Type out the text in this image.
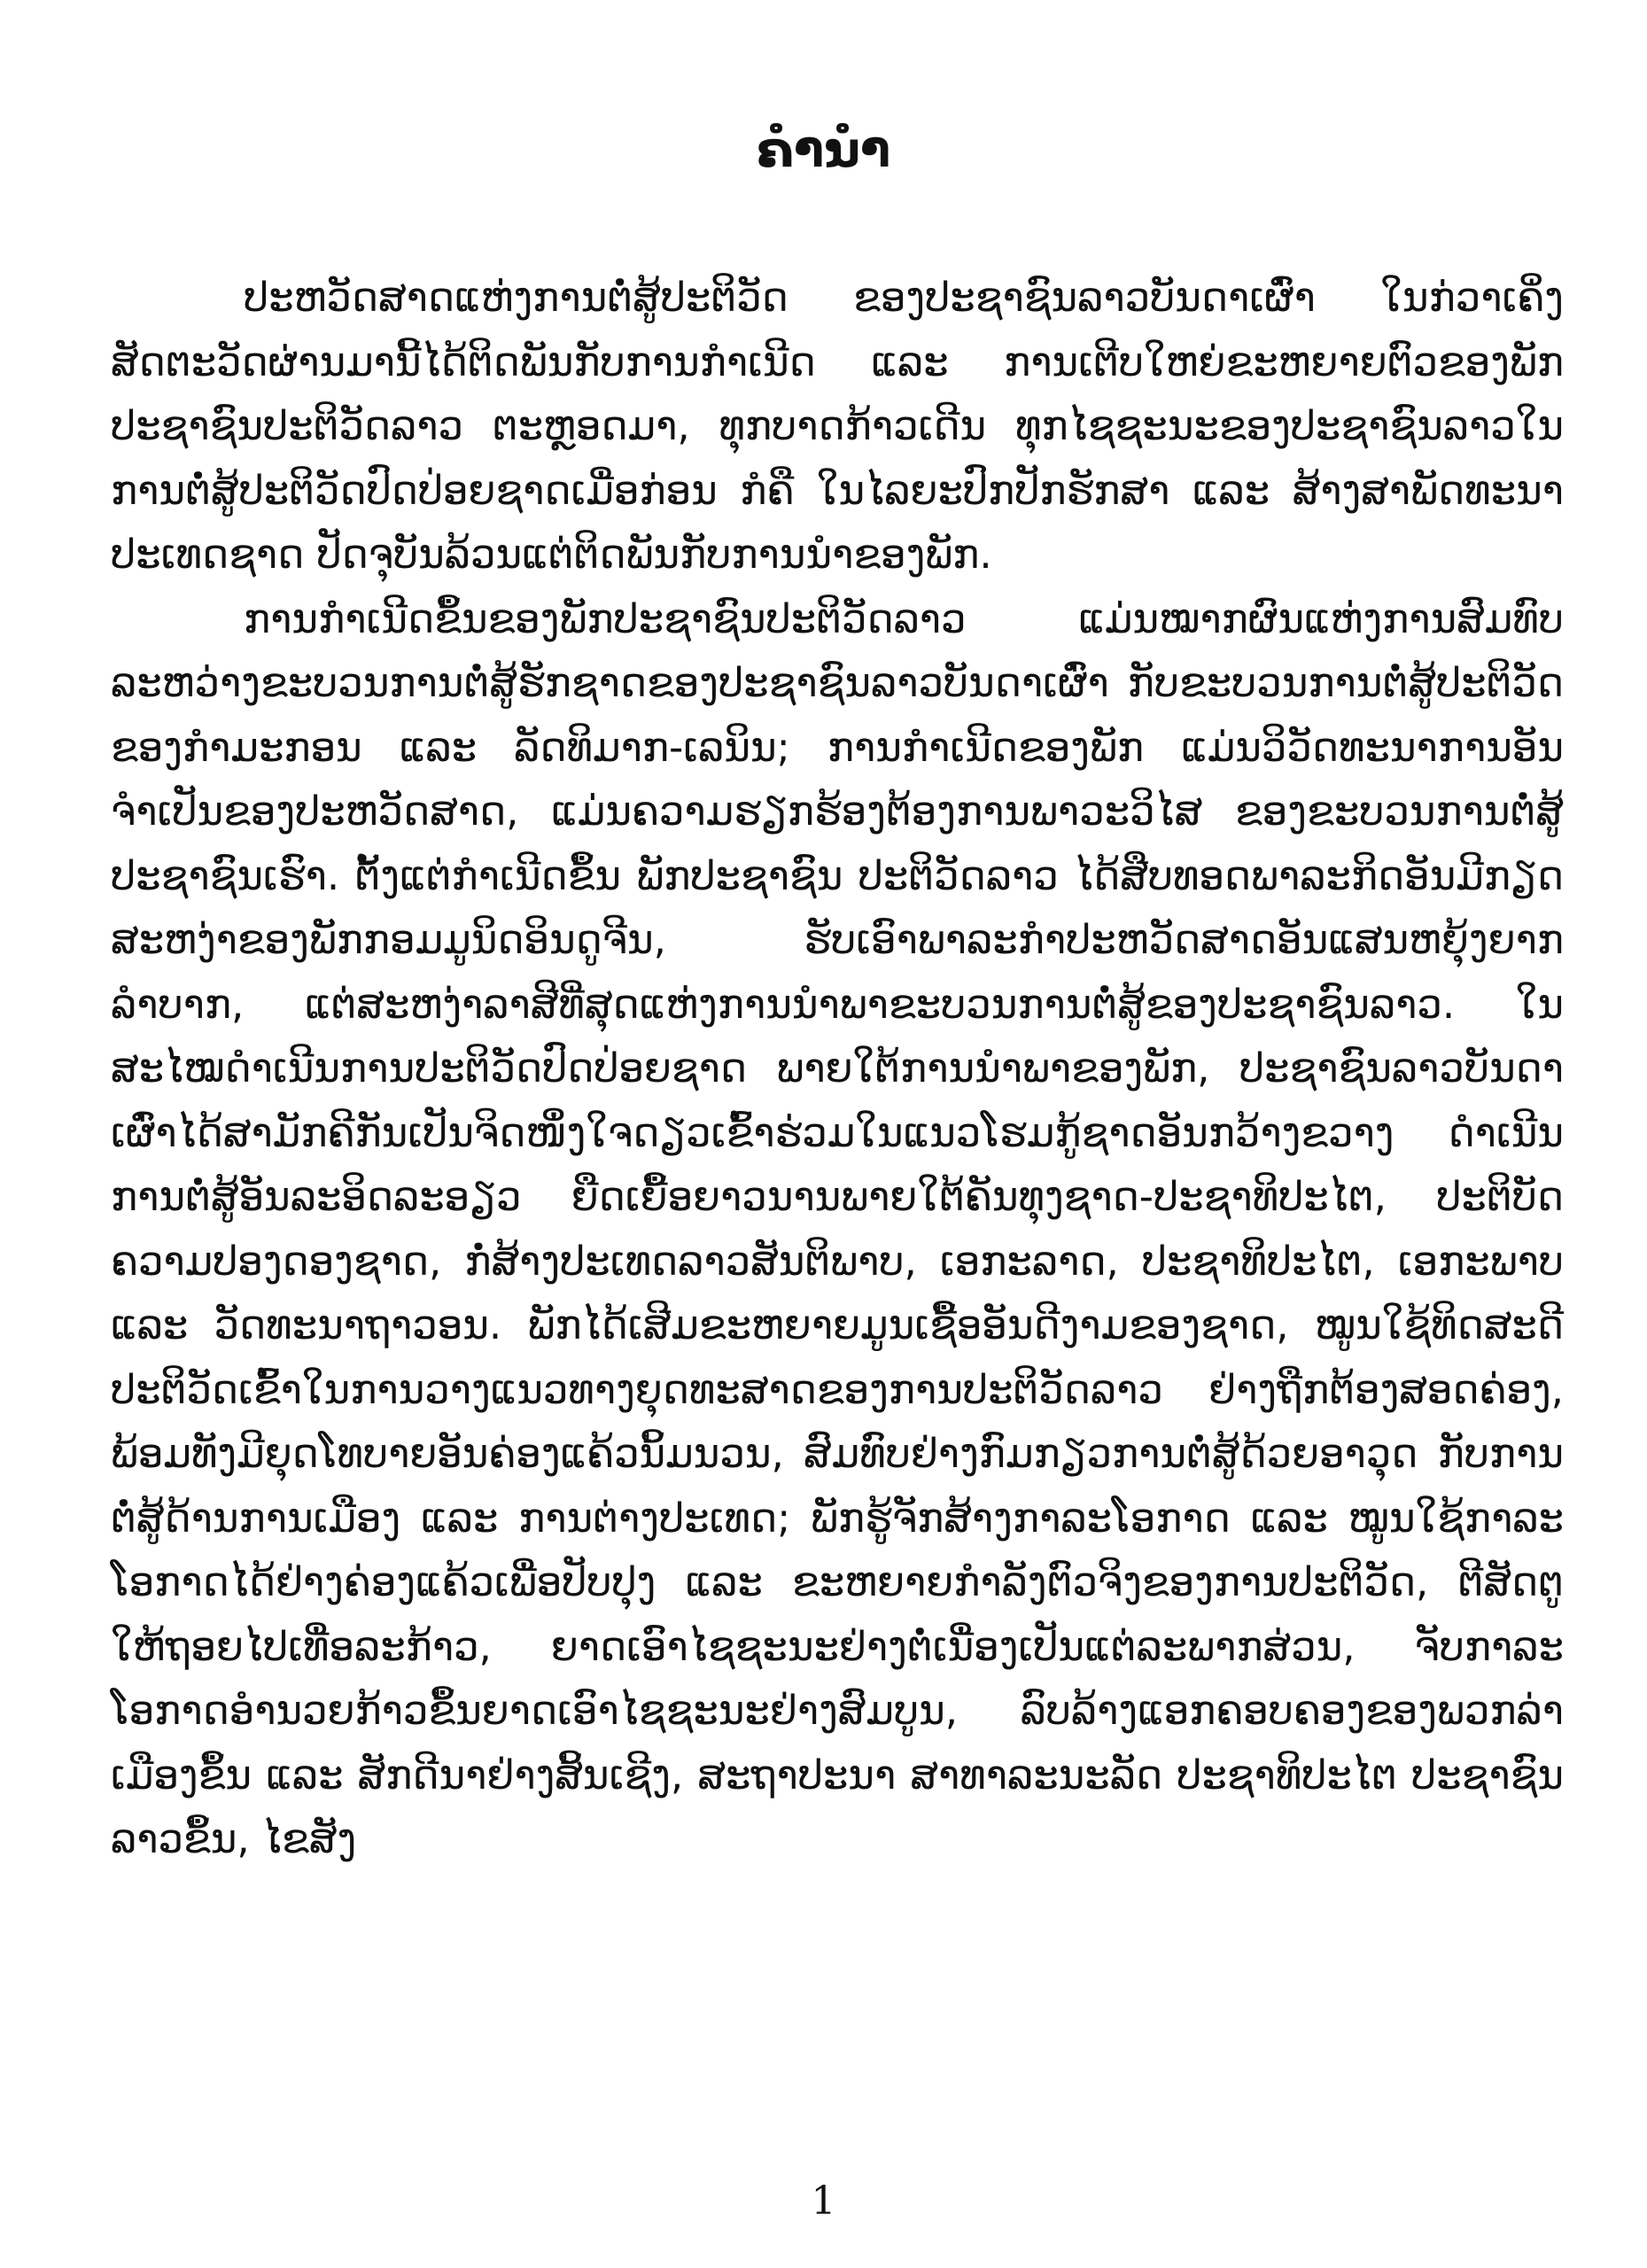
ຄຳນຳ

ປະຫວັດສາດແຫ່ງການຕໍ່ສູ້ປະຕິວັດ ຂອງປະຊາຊົນລາວບັນດາເຜົ່າ ໃນກ່ວາເຄິ່ງສັດຕະວັດຜ່ານມານີ້ໄດ້ຕິດພັນກັບການກຳເນີດ ແລະ ການເຕີບໃຫຍ່ຂະຫຍາຍຕົວຂອງພັກປະຊາຊົນປະຕິວັດລາວ ຕະຫຼອດມາ, ທຸກບາດກ້າວເດີນ ທຸກໄຊຊະນະຂອງປະຊາຊົນລາວໃນການຕໍ່ສູ້ປະຕິວັດປົດປ່ອຍຊາດເມື່ອກ່ອນ ກໍຄື ໃນໄລຍະປົກປັກຮັກສາ ແລະ ສ້າງສາພັດທະນາປະເທດຊາດ ປັດຈຸບັນລ້ວນແຕ່ຕິດພັນກັບການນຳຂອງພັກ.

ການກຳເນີດຂຶ້ນຂອງພັກປະຊາຊົນປະຕິວັດລາວ ແມ່ນໝາກຜົນແຫ່ງການສົມທົບລະຫວ່າງຂະບວນການຕໍ່ສູ້ຮັກຊາດຂອງປະຊາຊົນລາວບັນດາເຜົ່າ ກັບຂະບວນການຕໍ່ສູ້ປະຕິວັດຂອງກຳມະກອນ ແລະ ລັດທິມາກ-ເລນິນ; ການກຳເນີດຂອງພັກ ແມ່ນວິວັດທະນາການອັນຈຳເປັນຂອງປະຫວັດສາດ, ແມ່ນຄວາມຮຽກຮ້ອງຕ້ອງການພາວະວິໄສ ຂອງຂະບວນການຕໍ່ສູ້ປະຊາຊົນເຮົາ. ຕັ້ງແຕ່ກຳເນີດຂຶ້ນ ພັກປະຊາຊົນ ປະຕິວັດລາວ ໄດ້ສືບທອດພາລະກິດອັນມີກຽດສະຫງ່າຂອງພັກກອມມູນິດອິນດູຈີນ, ຮັບເອົາພາລະກຳປະຫວັດສາດອັນແສນຫຍຸ້ງຍາກລຳບາກ, ແຕ່ສະຫງ່າລາສີທີ່ສຸດແຫ່ງການນຳພາຂະບວນການຕໍ່ສູ້ຂອງປະຊາຊົນລາວ. ໃນສະໄໝດຳເນີນການປະຕິວັດປົດປ່ອຍຊາດ ພາຍໃຕ້ການນຳພາຂອງພັກ, ປະຊາຊົນລາວບັນດາເຜົ່າໄດ້ສາມັກຄີກັນເປັນຈິດໜຶ່ງໃຈດຽວເຂົ້າຮ່ວມໃນແນວໂຮມກູ້ຊາດອັນກວ້າງຂວາງ ດຳເນີນການຕໍ່ສູ້ອັນລະອິດລະອຽວ ຍືດເຍື້ອຍາວນານພາຍໃຕ້ຄັນທຸງຊາດ-ປະຊາທິປະໄຕ, ປະຕິບັດຄວາມປອງດອງຊາດ, ກໍ່ສ້າງປະເທດລາວສັນຕິພາບ, ເອກະລາດ, ປະຊາທິປະໄຕ, ເອກະພາບ ແລະ ວັດທະນາຖາວອນ. ພັກໄດ້ເສີມຂະຫຍາຍມູນເຊື້ອອັນດີງາມຂອງຊາດ, ໝູນໃຊ້ທິດສະດີປະຕິວັດເຂົ້າໃນການວາງແນວທາງຍຸດທະສາດຂອງການປະຕິວັດລາວ ຢ່າງຖືກຕ້ອງສອດຄ່ອງ, ພ້ອມທັງມີຍຸດໂທບາຍອັນຄ່ອງແຄ້ວນິ້ມນວນ, ສົມທົບຢ່າງກົມກຽວການຕໍ່ສູ້ດ້ວຍອາວຸດ ກັບການຕໍ່ສູ້ດ້ານການເມືອງ ແລະ ການຕ່າງປະເທດ; ພັກຮູ້ຈັກສ້າງກາລະໂອກາດ ແລະ ໝູນໃຊ້ກາລະໂອກາດໄດ້ຢ່າງຄ່ອງແຄ້ວເພື່ອປັບປຸງ ແລະ ຂະຫຍາຍກຳລັງຕົວຈິງຂອງການປະຕິວັດ, ຕີສັດຕູໃຫ້ຖອຍໄປເທື່ອລະກ້າວ, ຍາດເອົາໄຊຊະນະຢ່າງຕໍ່ເນື່ອງເປັນແຕ່ລະພາກສ່ວນ, ຈັບກາລະໂອກາດອຳນວຍກ້າວຂຶ້ນຍາດເອົາໄຊຊະນະຢ່າງສົມບູນ, ລົບລ້າງແອກຄອບຄອງຂອງພວກລ່າເມືອງຂຶ້ນ ແລະ ສັກດີນາຢ່າງສິ້ນເຊີງ, ສະຖາປະນາ ສາທາລະນະລັດ ປະຊາທິປະໄຕ ປະຊາຊົນລາວຂຶ້ນ, ໄຂສັງ

1
